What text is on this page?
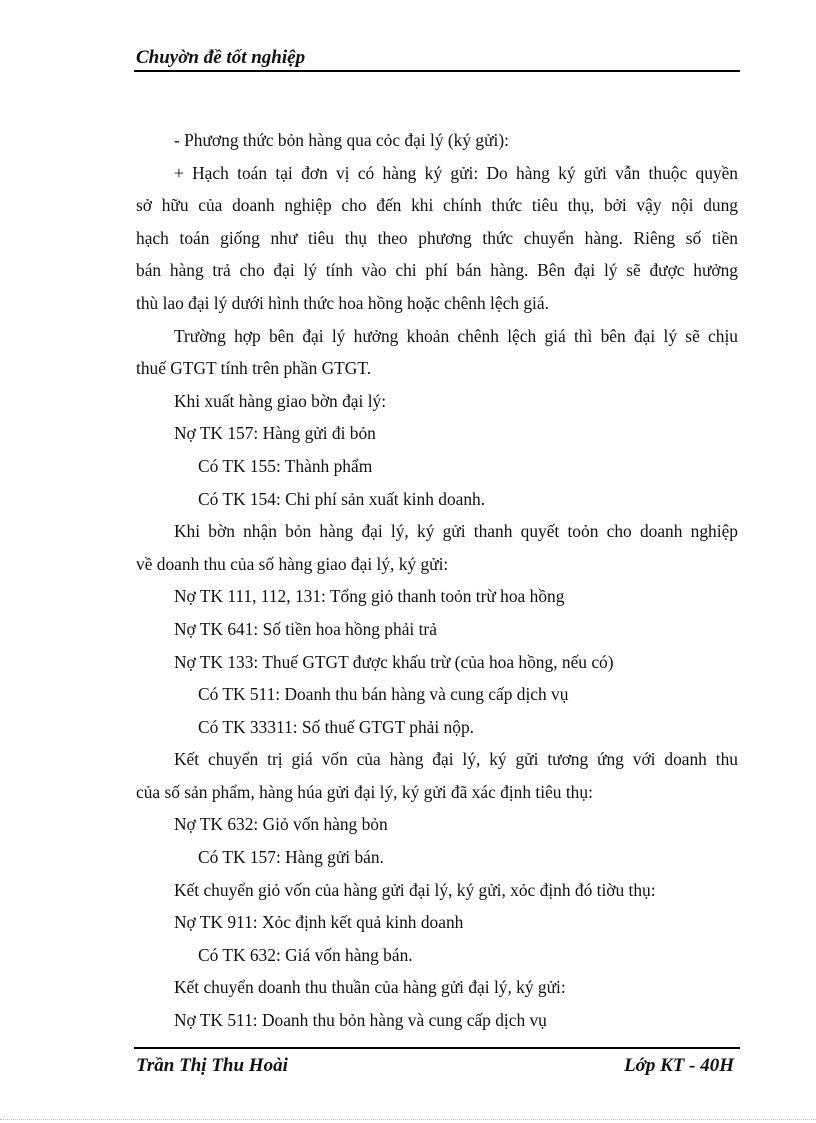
Chuyờn đề tốt nghiệp
- Phương thức bỏn hàng qua cỏc đại lý (ký gửi):
+ Hạch toán tại đơn vị có hàng ký gửi: Do hàng ký gửi vẫn thuộc quyền
sở hữu của doanh nghiệp cho đến khi chính thức tiêu thụ, bởi vậy nội dung
hạch toán giống như tiêu thụ theo phương thức chuyển hàng. Riêng số tiền
bán hàng trả cho đại lý tính vào chi phí bán hàng. Bên đại lý sẽ được hưởng
thù lao đại lý dưới hình thức hoa hồng hoặc chênh lệch giá.
Trường hợp bên đại lý hưởng khoản chênh lệch giá thì bên đại lý sẽ chịu
thuế GTGT tính trên phần GTGT.
Khi xuất hàng giao bờn đại lý:
Nợ TK 157: Hàng gửi đi bỏn
Có TK 155: Thành phẩm
Có TK 154: Chi phí sản xuất kinh doanh.
Khi bờn nhận bỏn hàng đại lý, ký gửi thanh quyết toỏn cho doanh nghiệp
về doanh thu của số hàng giao đại lý, ký gửi:
Nợ TK 111, 112, 131: Tổng giỏ thanh toỏn trừ hoa hồng
Nợ TK 641: Số tiền hoa hồng phải trả
Nợ TK 133: Thuế GTGT được khấu trừ (của hoa hồng, nếu có)
Có TK 511: Doanh thu bán hàng và cung cấp dịch vụ
Có TK 33311: Số thuế GTGT phải nộp.
Kết chuyển trị giá vốn của hàng đại lý, ký gửi tương ứng với doanh thu
của số sản phẩm, hàng húa gửi đại lý, ký gửi đã xác định tiêu thụ:
Nợ TK 632: Giỏ vốn hàng bỏn
Có TK 157: Hàng gửi bán.
Kết chuyển giỏ vốn của hàng gửi đại lý, ký gửi, xỏc định đó tiờu thụ:
Nợ TK 911: Xỏc định kết quả kinh doanh
Có TK 632: Giá vốn hàng bán.
Kết chuyển doanh thu thuần của hàng gửi đại lý, ký gửi:
Nợ TK 511: Doanh thu bỏn hàng và cung cấp dịch vụ
Trần Thị Thu Hoài	Lớp KT - 40H
